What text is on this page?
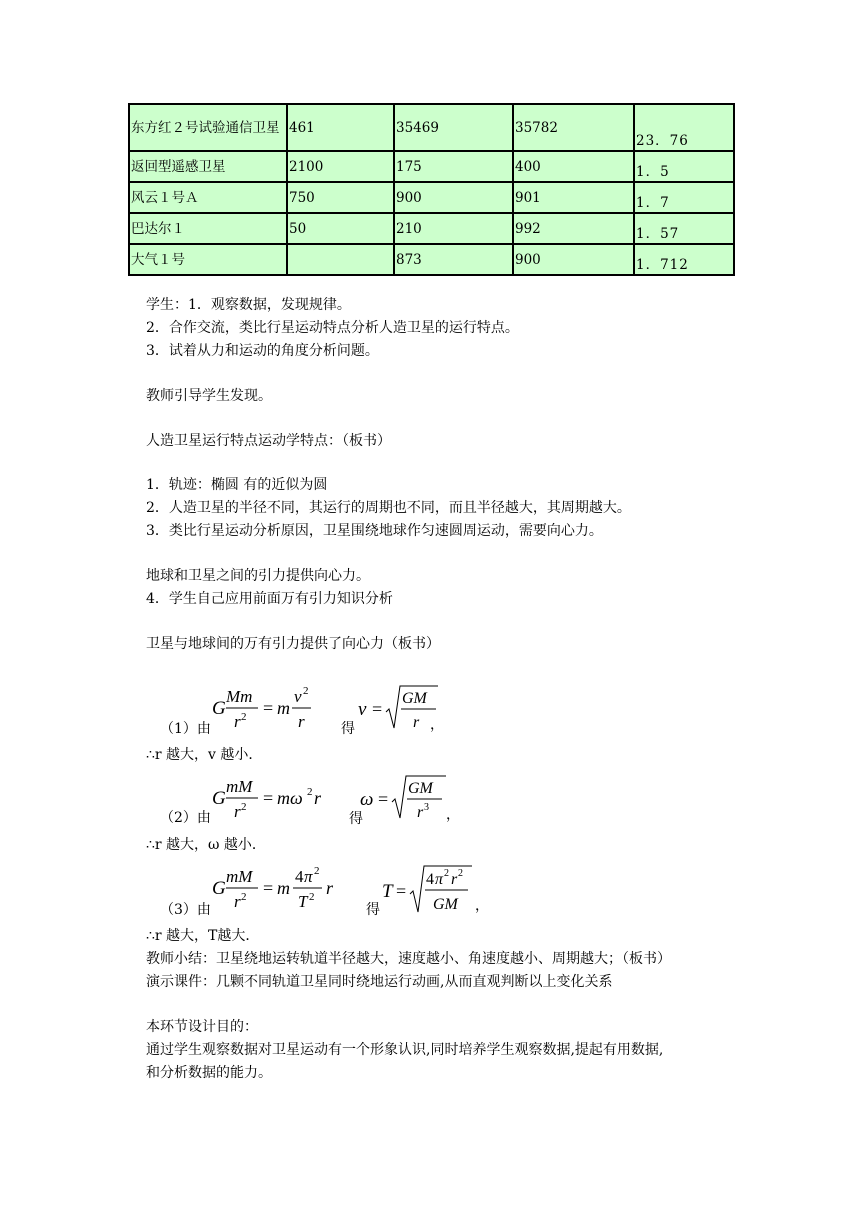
东方红２号试验通信卫星	461	35469	35782	23．76
返回型遥感卫星	2100	175	400	1．5
风云１号Ａ	750	900	901	1．7
巴达尔１	50	210	992	1．57
大气１号		873	900	1．712
学生：1．观察数据，发现规律。
2．合作交流，类比行星运动特点分析人造卫星的运行特点。
3．试着从力和运动的角度分析问题。
教师引导学生发现。
人造卫星运行特点运动学特点：（板书）
1．轨迹：椭圆 有的近似为圆
2．人造卫星的半径不同，其运行的周期也不同，而且半径越大，其周期越大。
3．类比行星运动分析原因，卫星围绕地球作匀速圆周运动，需要向心力。
地球和卫星之间的引力提供向心力。
4．学生自己应用前面万有引力知识分析
卫星与地球间的万有引力提供了向心力（板书）
（1）由
G
Mm
r 2 = m
v 2
r
v =
GM
r
得	，
∴r 越大，v 越小．
（2）由
G
mM
r 2 = mω 2 r ω =
GM
r 3
得	，
∴r 越大，ω 越小．
（3）由
G
mM
r 2 = m
4 π 2
T 2 r	T =
4 π 2 r 2
GM
得	，
∴r 越大，T越大．
教师小结：卫星绕地运转轨道半径越大，速度越小、角速度越小、周期越大；（板书）
演示课件：几颗不同轨道卫星同时绕地运行动画,从而直观判断以上变化关系
本环节设计目的：
通过学生观察数据对卫星运动有一个形象认识,同时培养学生观察数据,提起有用数据,
和分析数据的能力。
